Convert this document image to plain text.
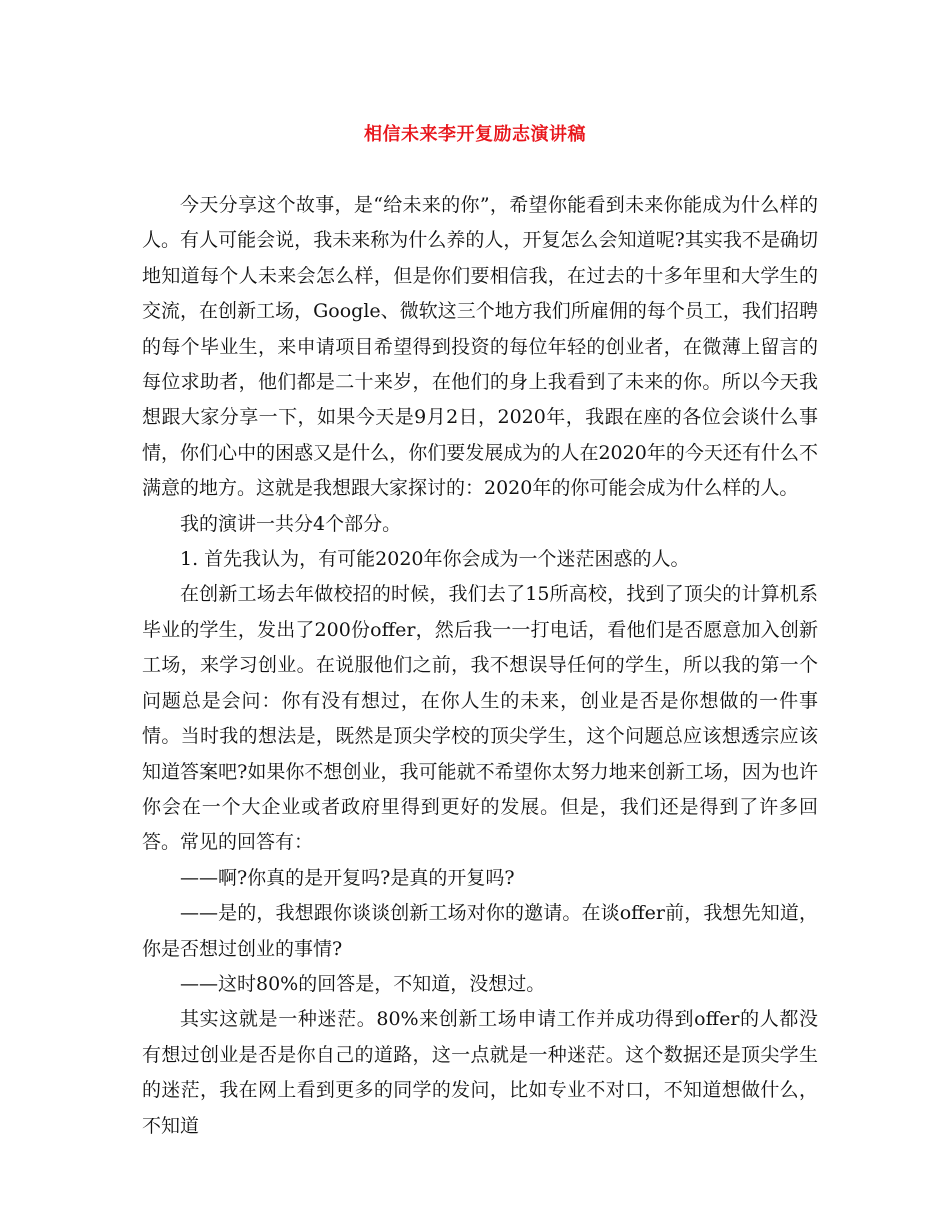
相信未来李开复励志演讲稿

今天分享这个故事，是“给未来的你”，希望你能看到未来你能成为什么样的人。有人可能会说，我未来称为什么养的人，开复怎么会知道呢?其实我不是确切地知道每个人未来会怎么样，但是你们要相信我，在过去的十多年里和大学生的交流，在创新工场，Google、微软这三个地方我们所雇佣的每个员工，我们招聘的每个毕业生，来申请项目希望得到投资的每位年轻的创业者，在微薄上留言的每位求助者，他们都是二十来岁，在他们的身上我看到了未来的你。所以今天我想跟大家分享一下，如果今天是9月2日，2020年，我跟在座的各位会谈什么事情，你们心中的困惑又是什么，你们要发展成为的人在2020年的今天还有什么不满意的地方。这就是我想跟大家探讨的：2020年的你可能会成为什么样的人。

我的演讲一共分4个部分。

1. 首先我认为，有可能2020年你会成为一个迷茫困惑的人。

在创新工场去年做校招的时候，我们去了15所高校，找到了顶尖的计算机系毕业的学生，发出了200份offer，然后我一一打电话，看他们是否愿意加入创新工场，来学习创业。在说服他们之前，我不想误导任何的学生，所以我的第一个问题总是会问：你有没有想过，在你人生的未来，创业是否是你想做的一件事情。当时我的想法是，既然是顶尖学校的顶尖学生，这个问题总应该想透宗应该知道答案吧?如果你不想创业，我可能就不希望你太努力地来创新工场，因为也许你会在一个大企业或者政府里得到更好的发展。但是，我们还是得到了许多回答。常见的回答有：

——啊?你真的是开复吗?是真的开复吗?

——是的，我想跟你谈谈创新工场对你的邀请。在谈offer前，我想先知道，你是否想过创业的事情?

——这时80%的回答是，不知道，没想过。

其实这就是一种迷茫。80%来创新工场申请工作并成功得到offer的人都没有想过创业是否是你自己的道路，这一点就是一种迷茫。这个数据还是顶尖学生的迷茫，我在网上看到更多的同学的发问，比如专业不对口，不知道想做什么，不知道
